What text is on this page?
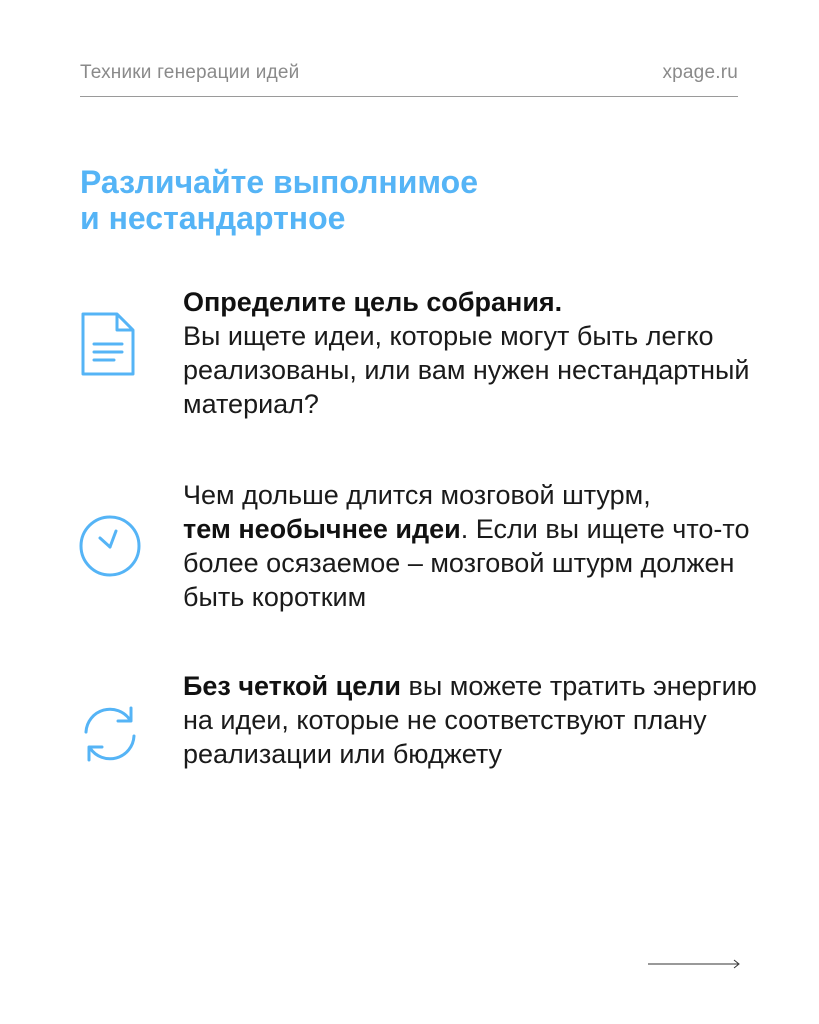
Техники генерации идей	xpage.ru
Различайте выполнимое
и нестандартное
Определите цель собрания.
Вы ищете идеи, которые могут быть легко реализованы, или вам нужен нестандартный материал?
Чем дольше длится мозговой штурм,
тем необычнее идеи. Если вы ищете что-то более осязаемое – мозговой штурм должен быть коротким
Без четкой цели вы можете тратить энергию на идеи, которые не соответствуют плану реализации или бюджету
